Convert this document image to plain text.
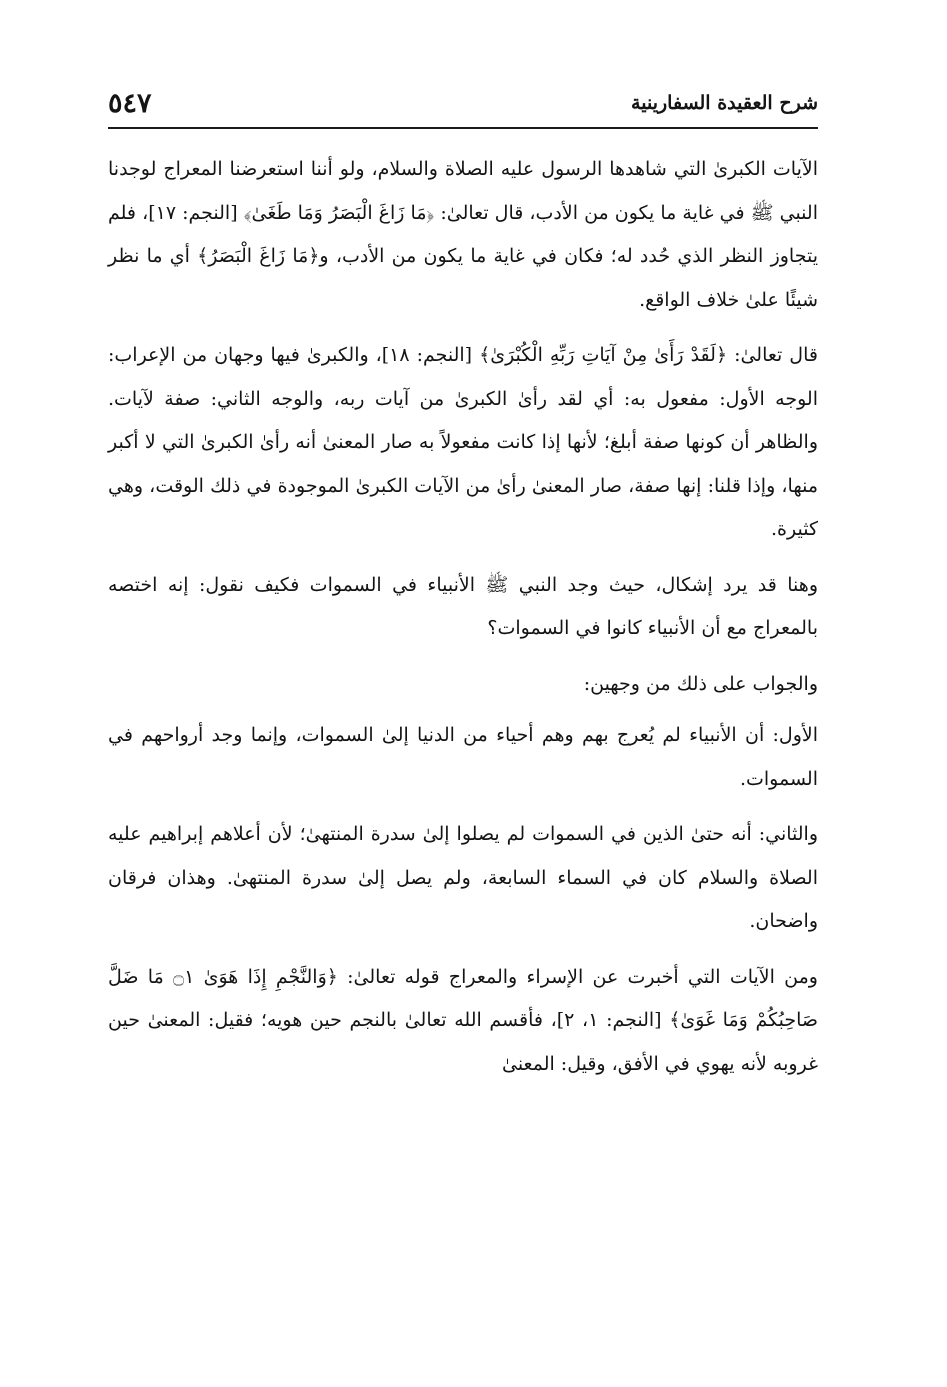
شرح العقيدة السفارينية
٥٤٧

الآيات الكبرىٰ التي شاهدها الرسول عليه الصلاة والسلام، ولو أننا استعرضنا المعراج لوجدنا النبي ﷺ في غاية ما يكون من الأدب، قال تعالىٰ: ﴿مَا زَاغَ الْبَصَرُ وَمَا طَغَىٰ﴾ [النجم: ١٧]، فلم يتجاوز النظر الذي حُدد له؛ فكان في غاية ما يكون من الأدب، و﴿مَا زَاغَ الْبَصَرُ﴾ أي ما نظر شيئًا علىٰ خلاف الواقع.

قال تعالىٰ: ﴿لَقَدْ رَأَىٰ مِنْ آيَاتِ رَبِّهِ الْكُبْرَىٰ﴾ [النجم: ١٨]، والكبرىٰ فيها وجهان من الإعراب: الوجه الأول: مفعول به: أي لقد رأىٰ الكبرىٰ من آيات ربه، والوجه الثاني: صفة لآيات. والظاهر أن كونها صفة أبلغ؛ لأنها إذا كانت مفعولاً به صار المعنىٰ أنه رأىٰ الكبرىٰ التي لا أكبر منها، وإذا قلنا: إنها صفة، صار المعنىٰ رأىٰ من الآيات الكبرىٰ الموجودة في ذلك الوقت، وهي كثيرة.

وهنا قد يرد إشكال، حيث وجد النبي ﷺ الأنبياء في السموات فكيف نقول: إنه اختصه بالمعراج مع أن الأنبياء كانوا في السموات؟

والجواب على ذلك من وجهين:

الأول: أن الأنبياء لم يُعرج بهم وهم أحياء من الدنيا إلىٰ السموات، وإنما وجد أرواحهم في السموات.

والثاني: أنه حتىٰ الذين في السموات لم يصلوا إلىٰ سدرة المنتهىٰ؛ لأن أعلاهم إبراهيم عليه الصلاة والسلام كان في السماء السابعة، ولم يصل إلىٰ سدرة المنتهىٰ. وهذان فرقان واضحان.

ومن الآيات التي أخبرت عن الإسراء والمعراج قوله تعالىٰ: ﴿وَالنَّجْمِ إِذَا هَوَىٰ ۝١ مَا ضَلَّ صَاحِبُكُمْ وَمَا غَوَىٰ﴾ [النجم: ١، ٢]، فأقسم الله تعالىٰ بالنجم حين هويه؛ فقيل: المعنىٰ حين غروبه لأنه يهوي في الأفق، وقيل: المعنىٰ
